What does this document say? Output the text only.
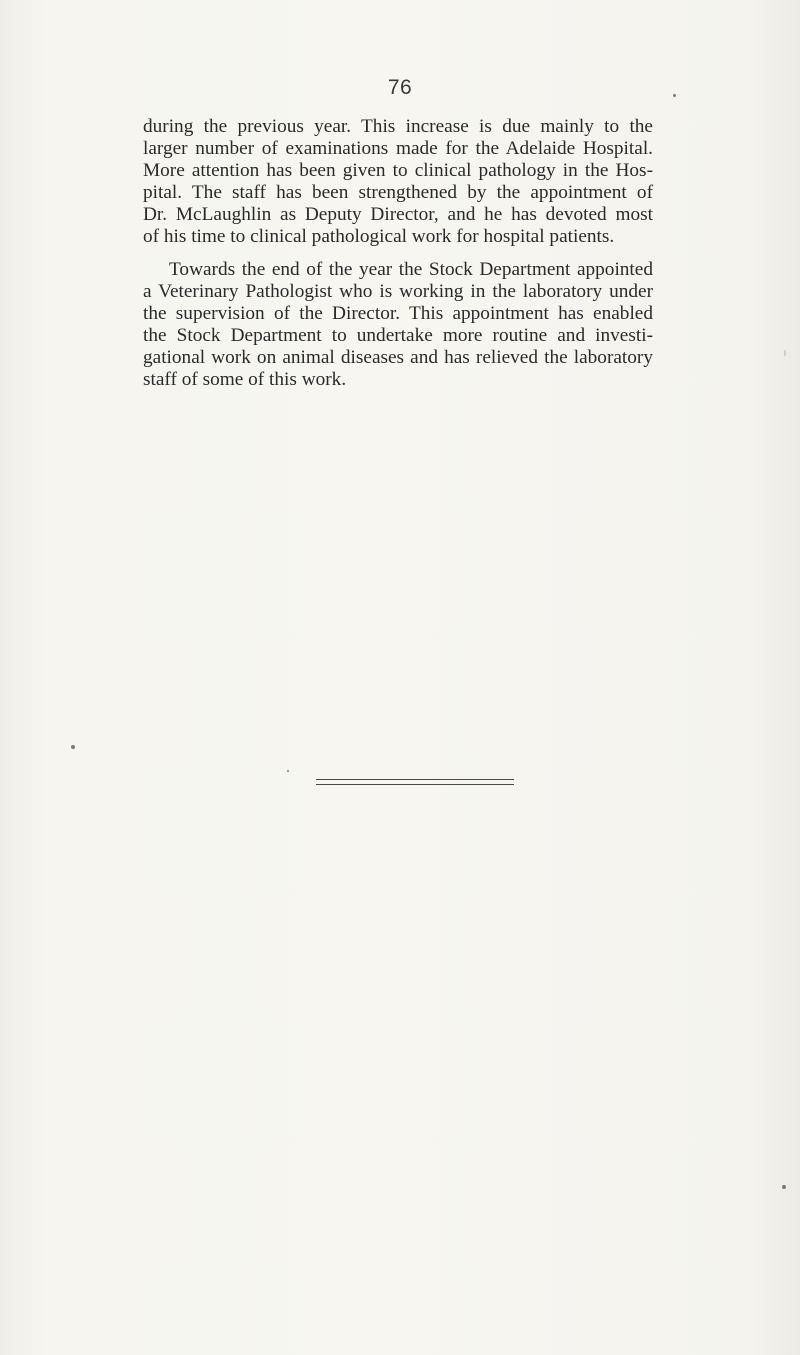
76
during the previous year. This increase is due mainly to the
larger number of examinations made for the Adelaide Hospital.
More attention has been given to clinical pathology in the Hos-
pital. The staff has been strengthened by the appointment of
Dr. McLaughlin as Deputy Director, and he has devoted most
of his time to clinical pathological work for hospital patients.
Towards the end of the year the Stock Department appointed
a Veterinary Pathologist who is working in the laboratory under
the supervision of the Director. This appointment has enabled
the Stock Department to undertake more routine and investi-
gational work on animal diseases and has relieved the laboratory
staff of some of this work.
